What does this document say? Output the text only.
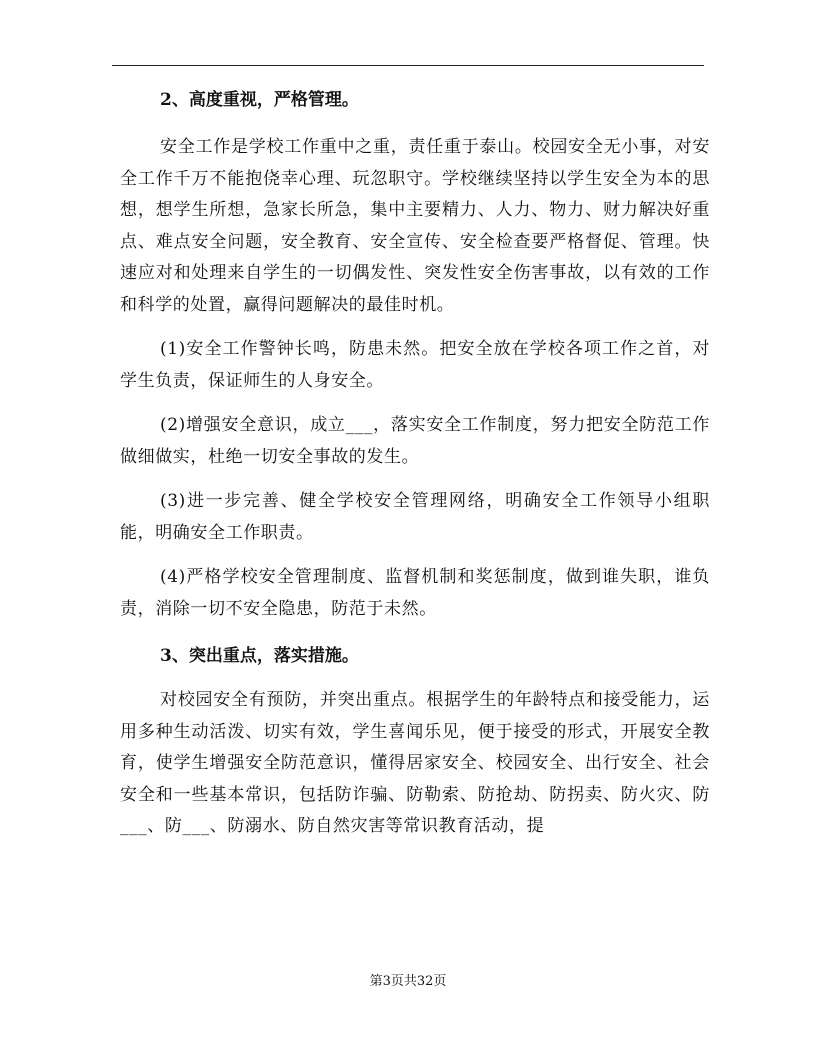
2、高度重视，严格管理。

安全工作是学校工作重中之重，责任重于泰山。校园安全无小事，对安全工作千万不能抱侥幸心理、玩忽职守。学校继续坚持以学生安全为本的思想，想学生所想，急家长所急，集中主要精力、人力、物力、财力解决好重点、难点安全问题，安全教育、安全宣传、安全检查要严格督促、管理。快速应对和处理来自学生的一切偶发性、突发性安全伤害事故，以有效的工作和科学的处置，赢得问题解决的最佳时机。

(1)安全工作警钟长鸣，防患未然。把安全放在学校各项工作之首，对学生负责，保证师生的人身安全。

(2)增强安全意识，成立___，落实安全工作制度，努力把安全防范工作做细做实，杜绝一切安全事故的发生。

(3)进一步完善、健全学校安全管理网络，明确安全工作领导小组职能，明确安全工作职责。

(4)严格学校安全管理制度、监督机制和奖惩制度，做到谁失职，谁负责，消除一切不安全隐患，防范于未然。

3、突出重点，落实措施。

对校园安全有预防，并突出重点。根据学生的年龄特点和接受能力，运用多种生动活泼、切实有效，学生喜闻乐见，便于接受的形式，开展安全教育，使学生增强安全防范意识，懂得居家安全、校园安全、出行安全、社会安全和一些基本常识，包括防诈骗、防勒索、防抢劫、防拐卖、防火灾、防___、防___、防溺水、防自然灾害等常识教育活动，提

第3页共32页
